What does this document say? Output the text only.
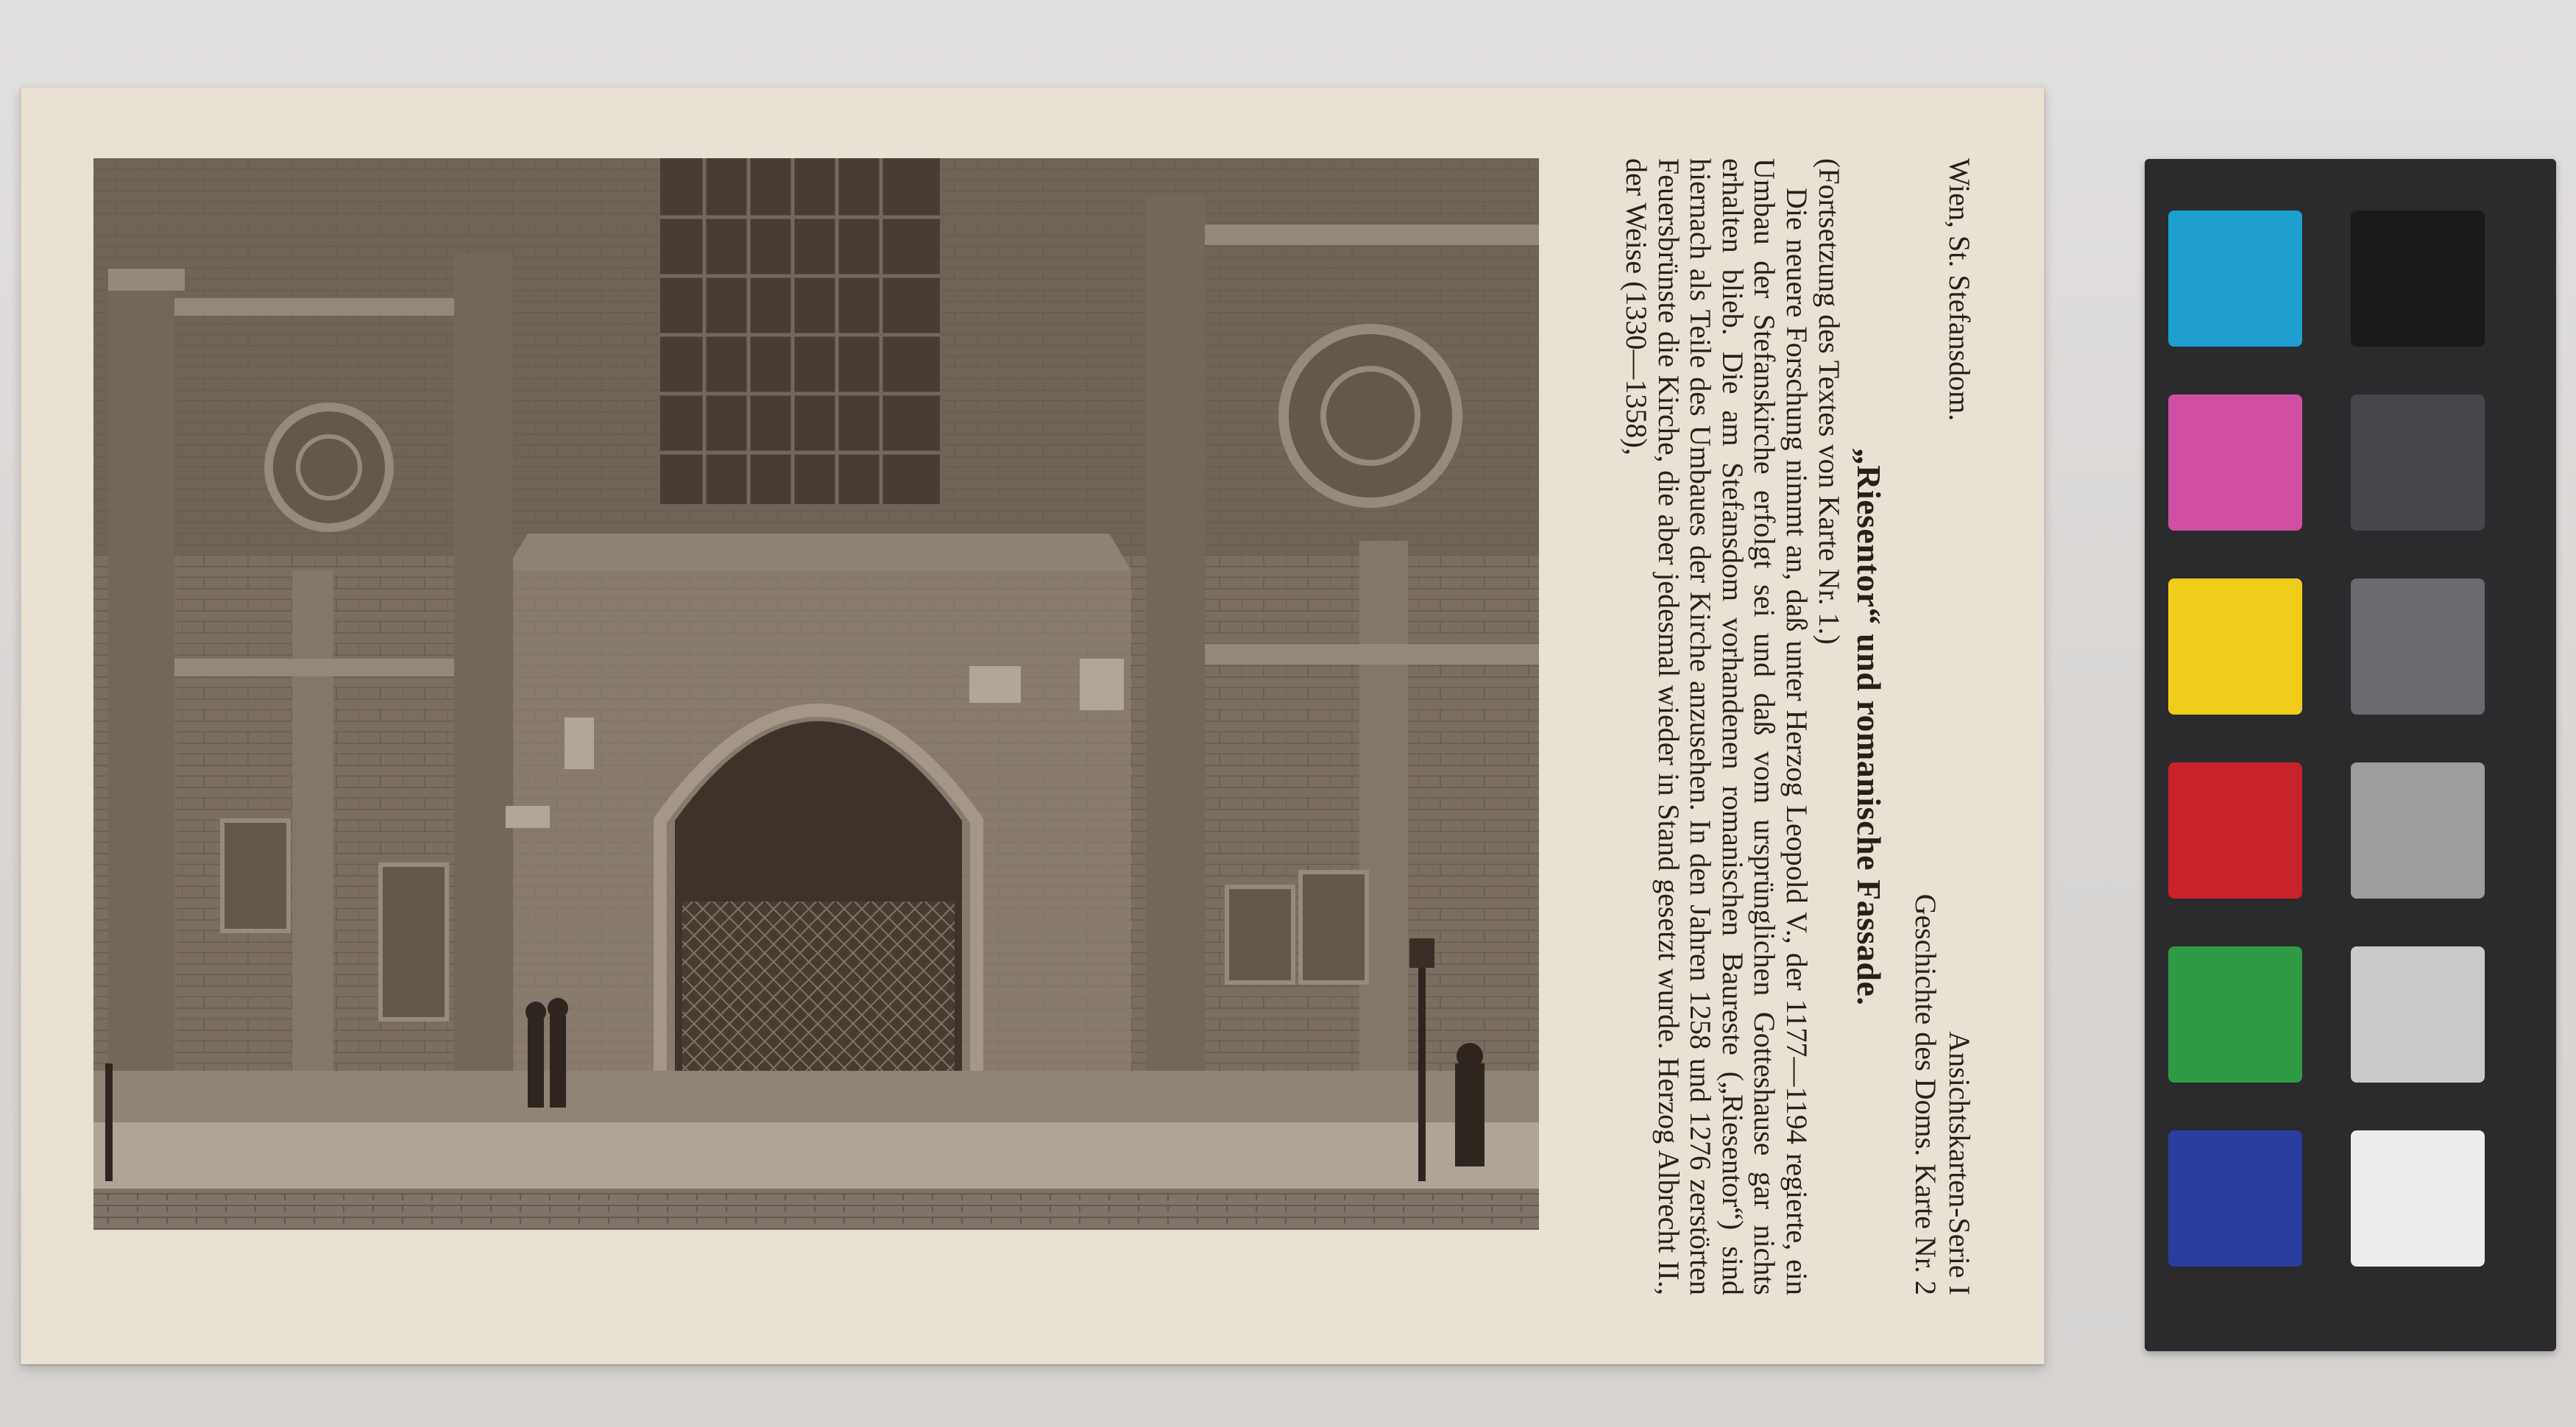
Wien, St. Stefansdom.
Ansichtskarten-Serie I
Geschichte des Doms. Karte Nr. 2
„Riesentor“ und romanische Fassade.
(Fortsetzung des Textes von Karte Nr. 1.)

Die neuere Forschung nimmt an, daß unter Herzog Leopold V., der 1177—1194 regierte, ein Umbau der Stefanskirche erfolgt sei und daß vom ursprünglichen Gotteshause gar nichts erhalten blieb. Die am Stefansdom vorhandenen romanischen Baureste („Riesentor“) sind hiernach als Teile des Umbaues der Kirche anzusehen. In den Jahren 1258 und 1276 zerstörten Feuersbrünste die Kirche, die aber jedesmal wieder in Stand gesetzt wurde. Herzog Albrecht II., der Weise (1330—1358),
